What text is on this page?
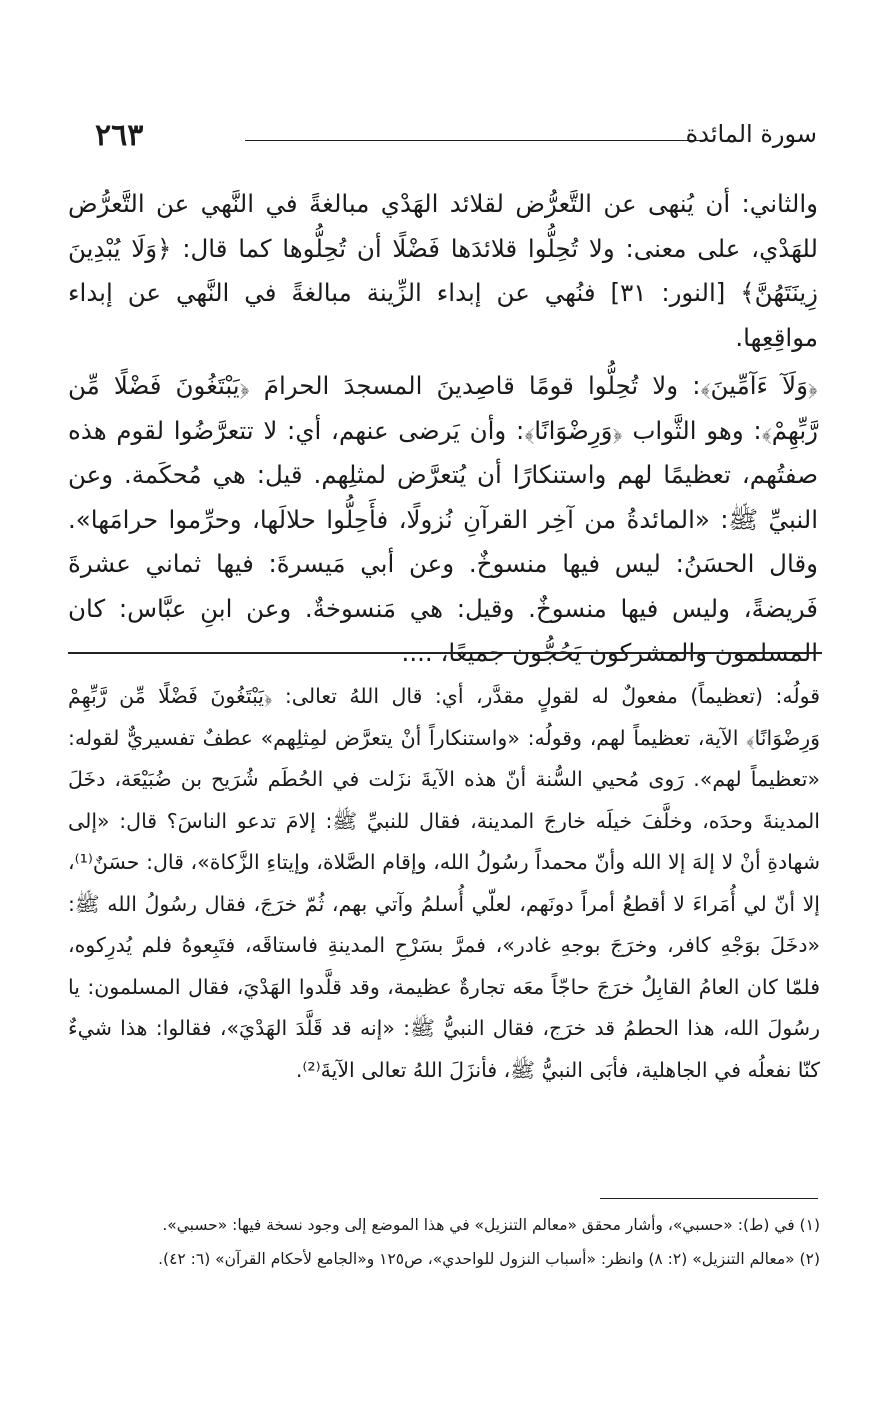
٢٦٣	سورة المائدة

والثاني: أن يُنهى عن التَّعرُّض لقلائد الهَدْي مبالغةً في النَّهي عن التَّعرُّض للهَدْي، على معنى: ولا تُحِلُّوا قلائدَها فَضْلًا أن تُحِلُّوها كما قال: ﴿وَلَا يُبْدِينَ زِينَتَهُنَّ﴾ [النور: ٣١] فنُهي عن إبداء الزِّينة مبالغةً في النَّهي عن إبداء مواقِعِها.

﴿وَلَآ ءَآمِّينَ﴾: ولا تُحِلُّوا قومًا قاصِدينَ المسجدَ الحرامَ ﴿يَبْتَغُونَ فَضْلًا مِّن رَّبِّهِمْ﴾: وهو الثَّواب ﴿وَرِضْوَانًا﴾: وأن يَرضى عنهم، أي: لا تتعرَّضُوا لقوم هذه صفتُهم، تعظيمًا لهم واستنكارًا أن يُتعرَّض لمثلِهم. قيل: هي مُحكَمة. وعن النبيِّ ﷺ: «المائدةُ من آخِر القرآنِ نُزولًا، فأَحِلُّوا حلالَها، وحرِّموا حرامَها». وقال الحسَنُ: ليس فيها منسوخٌ. وعن أبي مَيسرةَ: فيها ثماني عشرةَ فَريضةً، وليس فيها منسوخٌ. وقيل: هي مَنسوخةٌ. وعن ابنِ عبَّاس: كان المسلمون والمشركون يَحُجُّون جميعًا، ....

قولُه: (تعظيماً) مفعولٌ له لقولٍ مقدَّر، أي: قال اللهُ تعالى: ﴿يَبْتَغُونَ فَضْلًا مِّن رَّبِّهِمْ وَرِضْوَانًا﴾ الآية، تعظيماً لهم، وقولُه: «واستنكاراً أنْ يتعرَّض لمِثلِهم» عطفٌ تفسيريٌّ لقوله: «تعظيماً لهم». رَوى مُحيي السُّنة أنّ هذه الآيةَ نزَلت في الحُطَم شُرَيح بن ضُبَيْعَة، دخَلَ المدينةَ وحدَه، وخلَّفَ خيلَه خارجَ المدينة، فقال للنبيِّ ﷺ: إلامَ تدعو الناسَ؟ قال: «إلى شهادةِ أنْ لا إلهَ إلا الله وأنّ محمداً رسُولُ الله، وإقام الصَّلاة، وإيتاءِ الزَّكاة»، قال: حسَنٌ⁽¹⁾، إلا أنّ لي أُمَراءَ لا أقطعُ أمراً دونَهم، لعلّي أُسلمُ وآتي بهم، ثُمّ خرَجَ، فقال رسُولُ الله ﷺ: «دخَلَ بوَجْهِ كافر، وخرَجَ بوجهِ غادر»، فمرَّ بسَرْحِ المدينةِ فاستاقَه، فتَبِعوهُ فلم يُدرِكوه، فلمّا كان العامُ القابِلُ خرَجَ حاجّاً معَه تجارةٌ عظيمة، وقد قلَّدوا الهَدْيَ، فقال المسلمون: يا رسُولَ الله، هذا الحطمُ قد خرَج، فقال النبيُّ ﷺ: «إنه قد قَلَّدَ الهَدْيَ»، فقالوا: هذا شيءٌ كنّا نفعلُه في الجاهلية، فأبَى النبيُّ ﷺ، فأنزَلَ اللهُ تعالى الآيةَ⁽²⁾.

(١) في (ط): «حسبي»، وأشار محقق «معالم التنزيل» في هذا الموضع إلى وجود نسخة فيها: «حسبي».

(٢) «معالم التنزيل» (٢: ٨) وانظر: «أسباب النزول للواحدي»، ص١٢٥ و«الجامع لأحكام القرآن» (٦: ٤٢).
